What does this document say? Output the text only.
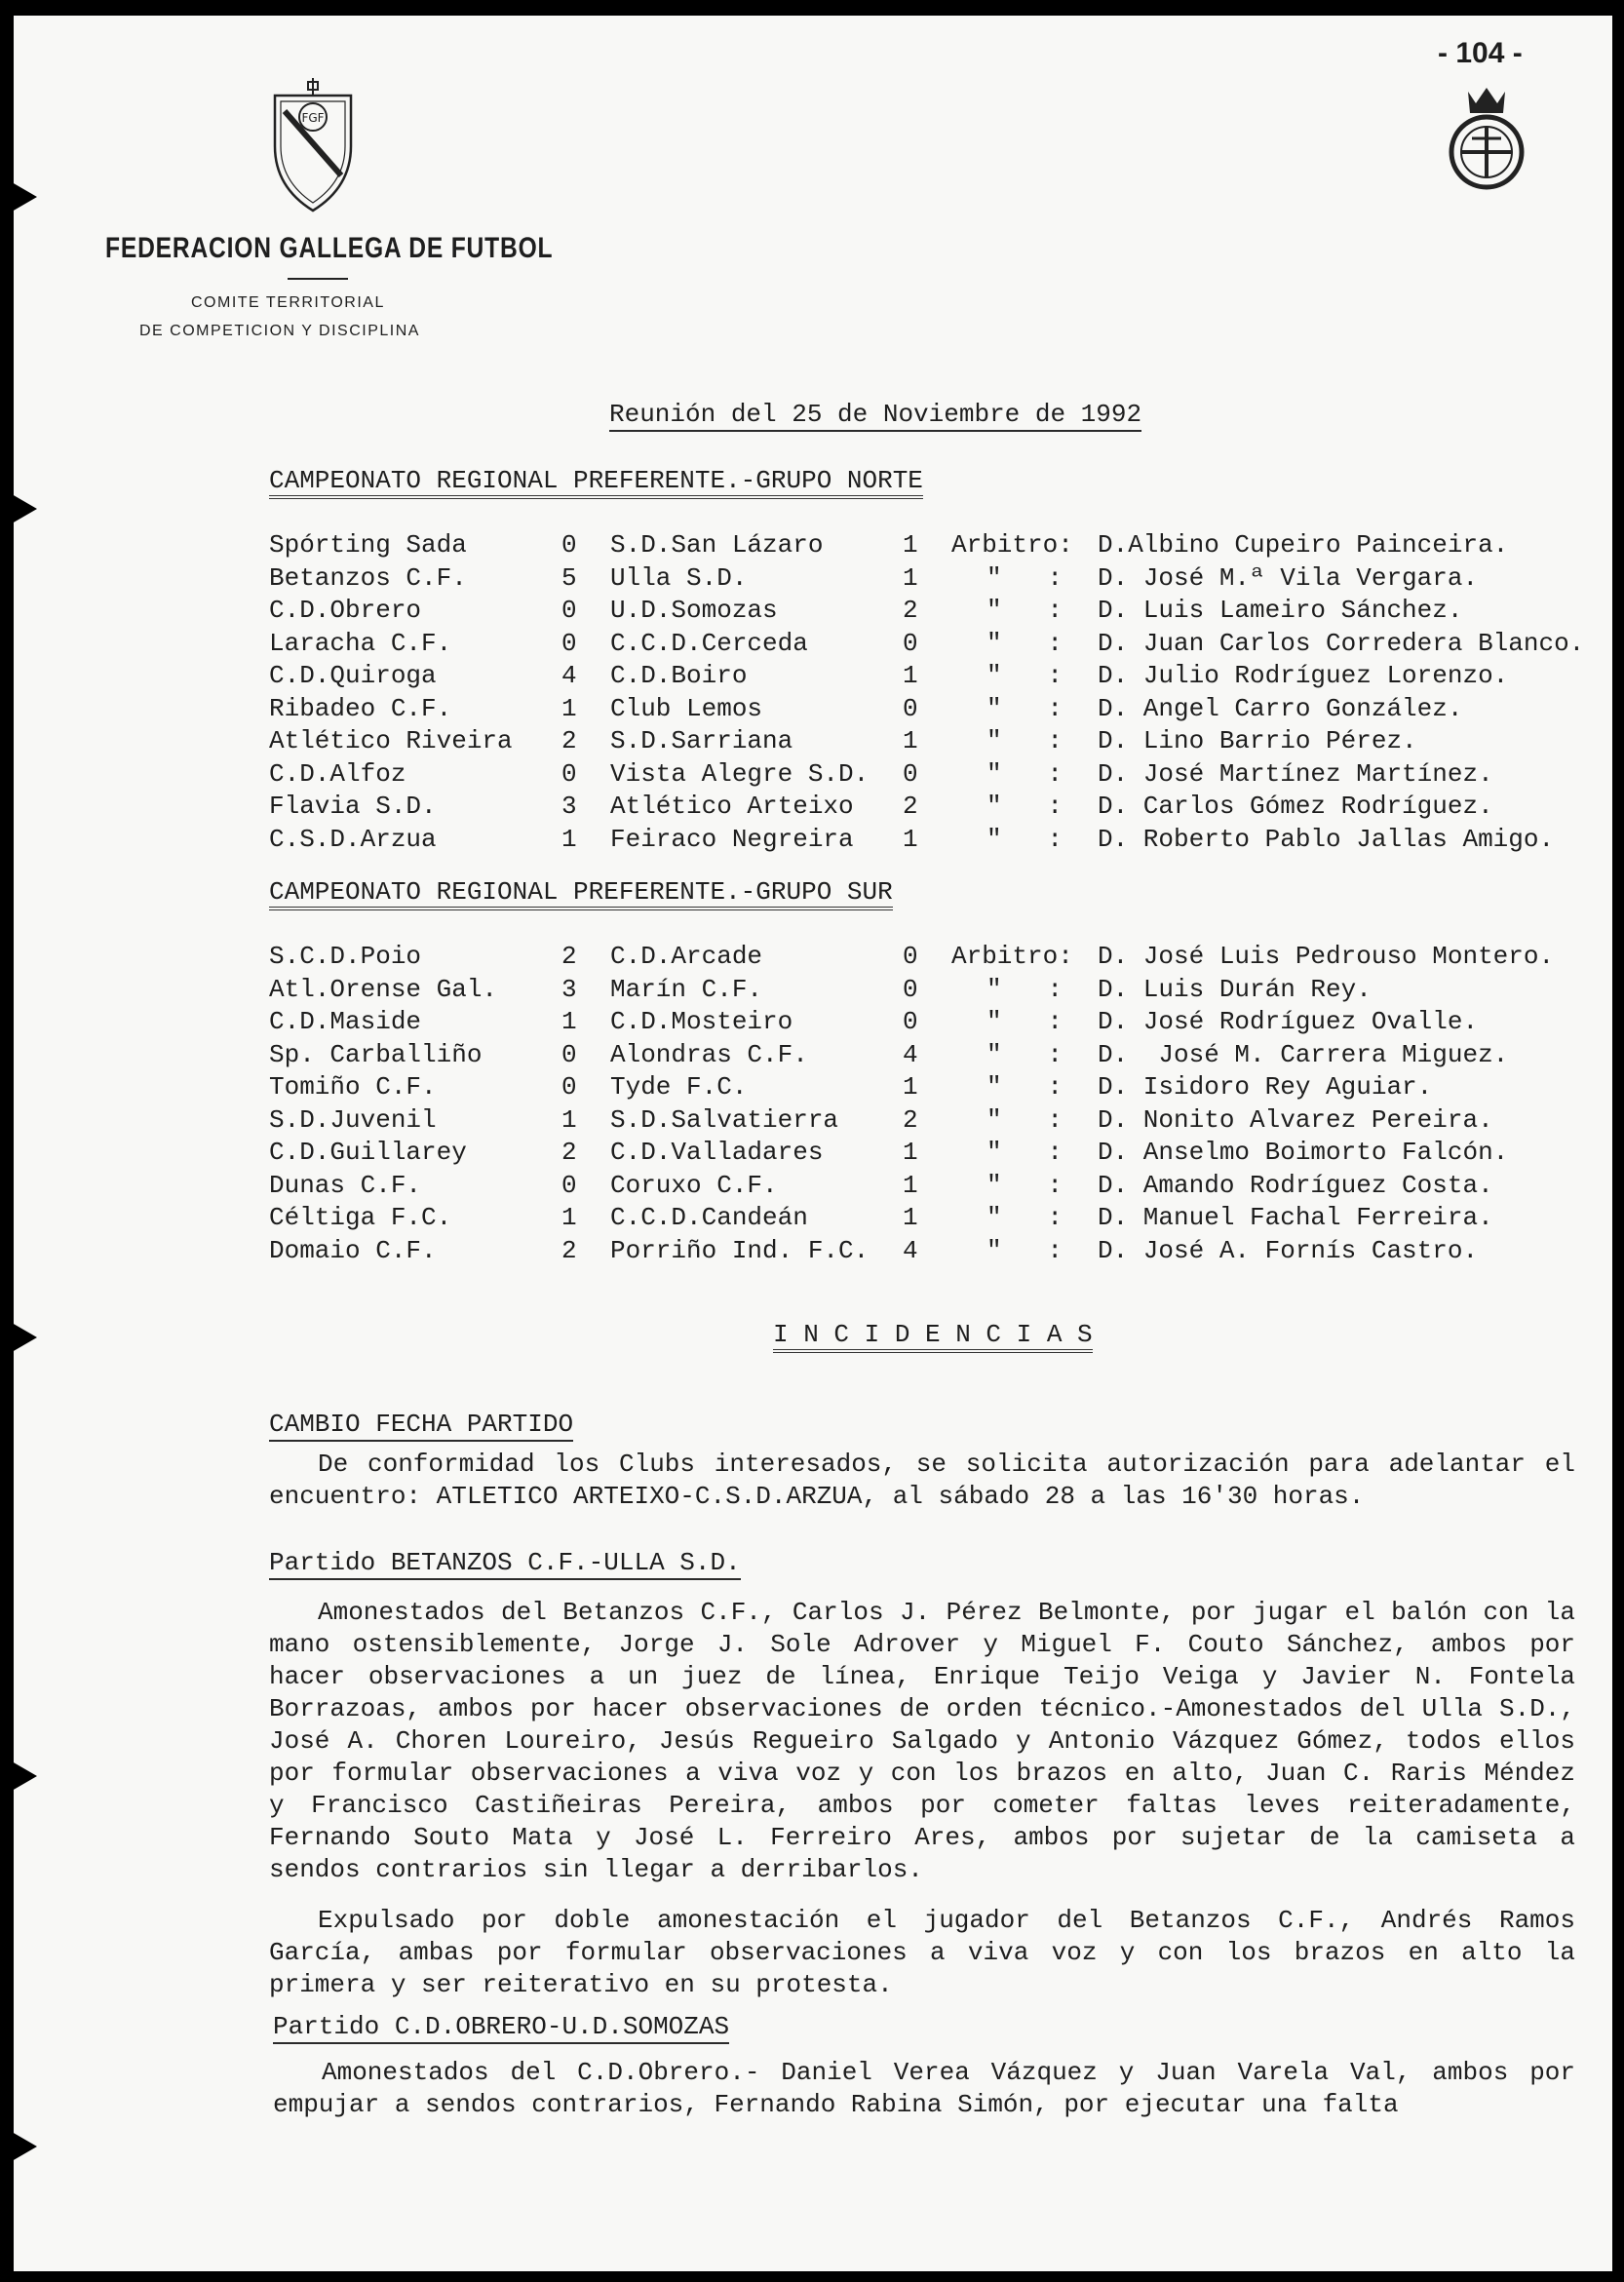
FGF
FEDERACION GALLEGA DE FUTBOL
COMITE TERRITORIAL
DE COMPETICION Y DISCIPLINA
- 104 -
Reunión del 25 de Noviembre de 1992
CAMPEONATO REGIONAL PREFERENTE.-GRUPO NORTE
Spórting Sada	0 S.D.San Lázaro	1 Arbitro: D.Albino Cupeiro Painceira.
Betanzos C.F.	5 Ulla S.D.	1	"   : D. José M.ª Vila Vergara.
C.D.Obrero	0 U.D.Somozas	2	"   : D. Luis Lameiro Sánchez.
Laracha C.F.	0 C.C.D.Cerceda	0	"   : D. Juan Carlos Corredera Blanco.
C.D.Quiroga	4 C.D.Boiro	1	"   : D. Julio Rodríguez Lorenzo.
Ribadeo C.F.	1 Club Lemos	0	"   : D. Angel Carro González.
Atlético Riveira 2 S.D.Sarriana	1	"   : D. Lino Barrio Pérez.
C.D.Alfoz	0 Vista Alegre S.D. 0	"   : D. José Martínez Martínez.
Flavia S.D.	3 Atlético Arteixo 2	"   : D. Carlos Gómez Rodríguez.
C.S.D.Arzua	1 Feiraco Negreira 1	"   : D. Roberto Pablo Jallas Amigo.
CAMPEONATO REGIONAL PREFERENTE.-GRUPO SUR
S.C.D.Poio	2 C.D.Arcade	0 Arbitro: D. José Luis Pedrouso Montero.
Atl.Orense Gal.	3 Marín C.F.	0	"   : D. Luis Durán Rey.
C.D.Maside	1 C.D.Mosteiro	0	"   : D. José Rodríguez Ovalle.
Sp. Carballiño	0 Alondras C.F.	4	"   : D.  José M. Carrera Miguez.
Tomiño C.F.	0 Tyde F.C.	1	"   : D. Isidoro Rey Aguiar.
S.D.Juvenil	1 S.D.Salvatierra	2	"   : D. Nonito Alvarez Pereira.
C.D.Guillarey	2 C.D.Valladares	1	"   : D. Anselmo Boimorto Falcón.
Dunas C.F.	0 Coruxo C.F.	1	"   : D. Amando Rodríguez Costa.
Céltiga F.C.	1 C.C.D.Candeán	1	"   : D. Manuel Fachal Ferreira.
Domaio C.F.	2 Porriño Ind. F.C. 4	"   : D. José A. Fornís Castro.
I N C I D E N C I A S
CAMBIO FECHA PARTIDO
De conformidad los Clubs interesados, se solicita autorización para adelantar el encuentro: ATLETICO ARTEIXO-C.S.D.ARZUA, al sábado 28 a las 16'30 horas.
Partido BETANZOS C.F.-ULLA S.D.
Amonestados del Betanzos C.F., Carlos J. Pérez Belmonte, por jugar el balón con la mano ostensiblemente, Jorge J. Sole Adrover y Miguel F. Couto Sánchez, ambos por hacer observaciones a un juez de línea, Enrique Teijo Veiga y Javier N. Fontela Borrazoas, ambos por hacer observaciones de orden técnico.-Amonestados del Ulla S.D., José A. Choren Loureiro, Jesús Regueiro Salgado y Antonio Vázquez Gómez, todos ellos por formular observaciones a viva voz y con los brazos en alto, Juan C. Raris Méndez y Francisco Castiñeiras Pereira, ambos por cometer faltas leves reiteradamente, Fernando Souto Mata y José L. Ferreiro Ares, ambos por sujetar de la camiseta a sendos contrarios sin llegar a derribarlos.
Expulsado por doble amonestación el jugador del Betanzos C.F., Andrés Ramos García, ambas por formular observaciones a viva voz y con los brazos en alto la primera y ser reiterativo en su protesta.
Partido C.D.OBRERO-U.D.SOMOZAS
Amonestados del C.D.Obrero.- Daniel Verea Vázquez y Juan Varela Val, ambos por empujar a sendos contrarios, Fernando Rabina Simón, por ejecutar una falta
